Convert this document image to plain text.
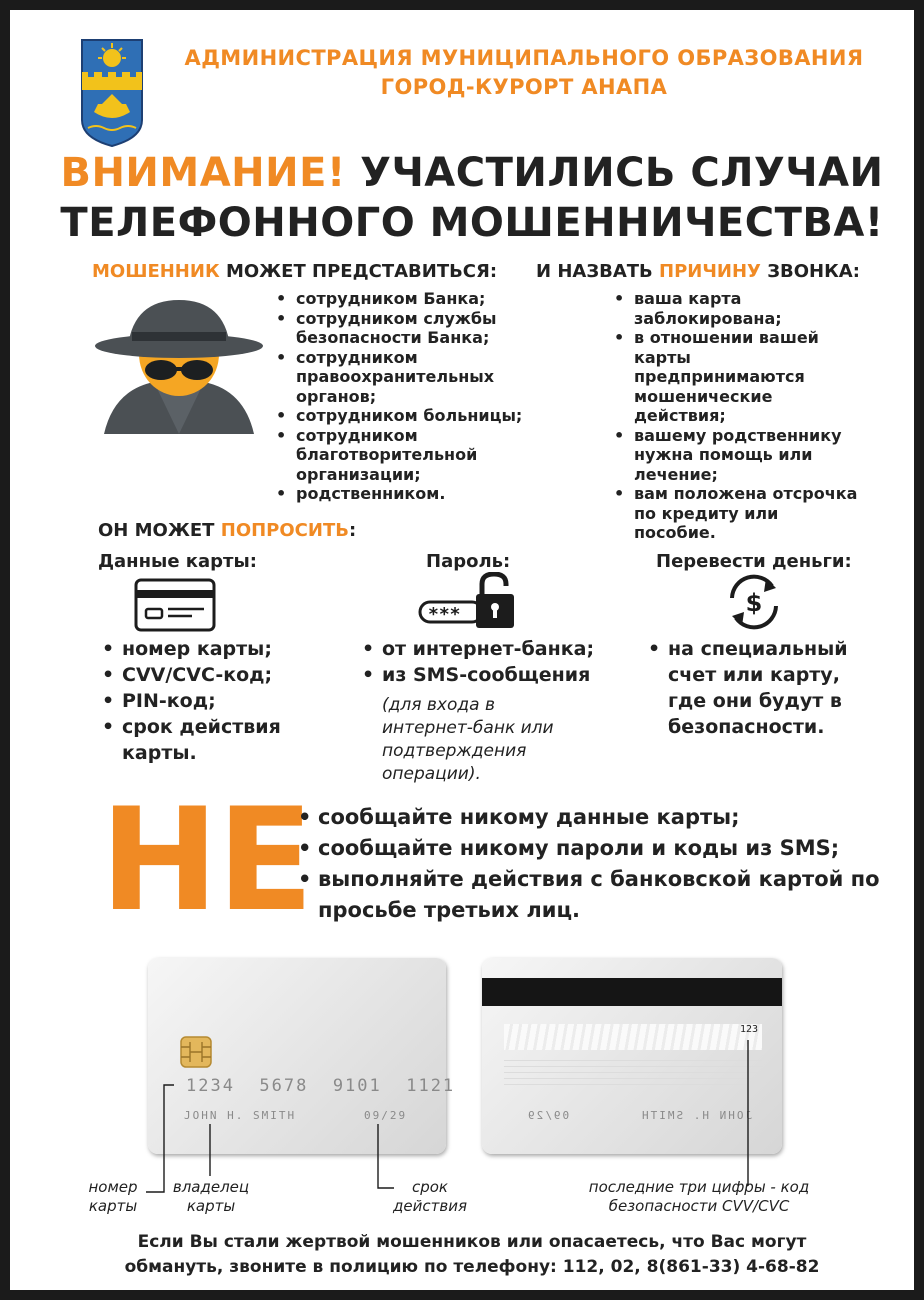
АДМИНИСТРАЦИЯ МУНИЦИПАЛЬНОГО ОБРАЗОВАНИЯ
ГОРОД-КУРОРТ АНАПА
ВНИМАНИЕ! УЧАСТИЛИСЬ СЛУЧАИ
ТЕЛЕФОННОГО МОШЕННИЧЕСТВА!
МОШЕННИК МОЖЕТ ПРЕДСТАВИТЬСЯ:
• сотрудником Банка;
• сотрудником службы безопасности Банка;
• сотрудником правоохранительных органов;
• сотрудником больницы;
• сотрудником благотворительной организации;
• родственником.
И НАЗВАТЬ ПРИЧИНУ ЗВОНКА:
• ваша карта заблокирована;
• в отношении вашей карты предпринимаются мошенические действия;
• вашему родственнику нужна помощь или лечение;
• вам положена отсрочка по кредиту или пособие.
ОН МОЖЕТ ПОПРОСИТЬ:
Данные карты:
• номер карты;
• CVV/CVC-код;
• PIN-код;
• срок действия карты.
Пароль:
***
• от интернет-банка;
• из SMS-сообщения
(для входа в интернет-банк или подтверждения операции).
Перевести деньги:
$
• на специальный счет или карту, где они будут в безопасности.
НЕ
• сообщайте никому данные карты;
• сообщайте никому пароли и коды из SMS;
• выполняйте действия с банковской картой по просьбе третьих лиц.
1234  5678  9101  1121
JOHN H. SMITH	09/29
123
09/29	JOHN H. SMITH
номер карты
владелец карты
срок действия
последние три цифры - код безопасности CVV/CVC
Если Вы стали жертвой мошенников или опасаетесь, что Вас могут
обмануть, звоните в полицию по телефону: 112, 02, 8(861-33) 4-68-82
